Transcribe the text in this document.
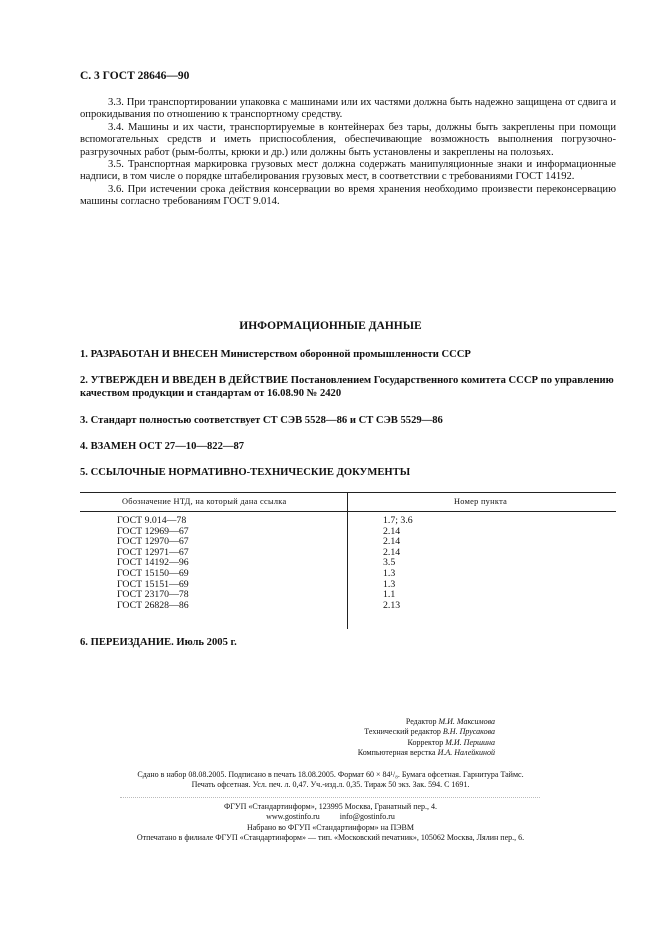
С. 3 ГОСТ 28646—90

3.3. При транспортировании упаковка с машинами или их частями должна быть надежно защищена от сдвига и опрокидывания по отношению к транспортному средству.

3.4. Машины и их части, транспортируемые в контейнерах без тары, должны быть закреплены при помощи вспомогательных средств и иметь приспособления, обеспечивающие возможность выполнения погрузочно-разгрузочных работ (рым-болты, крюки и др.) или должны быть установлены и закреплены на полозьях.

3.5. Транспортная маркировка грузовых мест должна содержать манипуляционные знаки и информационные надписи, в том числе о порядке штабелирования грузовых мест, в соответствии с требованиями ГОСТ 14192.

3.6. При истечении срока действия консервации во время хранения необходимо произвести переконсервацию машины согласно требованиям ГОСТ 9.014.

ИНФОРМАЦИОННЫЕ ДАННЫЕ
1. РАЗРАБОТАН И ВНЕСЕН Министерством оборонной промышленности СССР
2. УТВЕРЖДЕН И ВВЕДЕН В ДЕЙСТВИЕ Постановлением Государственного комитета СССР по управлению качеством продукции и стандартам от 16.08.90 № 2420
3. Стандарт полностью соответствует СТ СЭВ 5528—86 и СТ СЭВ 5529—86
4. ВЗАМЕН ОСТ 27—10—822—87
5. ССЫЛОЧНЫЕ НОРМАТИВНО-ТЕХНИЧЕСКИЕ ДОКУМЕНТЫ
Обозначение НТД, на который дана ссылка	Номер пункта
ГОСТ 9.014—78	1.7; 3.6
ГОСТ 12969—67	2.14
ГОСТ 12970—67	2.14
ГОСТ 12971—67	2.14
ГОСТ 14192—96	3.5
ГОСТ 15150—69	1.3
ГОСТ 15151—69	1.3
ГОСТ 23170—78	1.1
ГОСТ 26828—86	2.13
6. ПЕРЕИЗДАНИЕ. Июль 2005 г.
Редактор М.И. Максимова
Технический редактор В.Н. Прусакова
Корректор М.И. Першина
Компьютерная верстка И.А. Налейкиной
Сдано в набор 08.08.2005. Подписано в печать 18.08.2005. Формат 60 × 84¹/₈. Бумага офсетная. Гарнитура Таймс.
Печать офсетная. Усл. печ. л. 0,47. Уч.-изд.л. 0,35. Тираж 50 экз. Зак. 594. С 1691.
ФГУП «Стандартинформ», 123995 Москва, Гранатный пер., 4.
www.gostinfo.ru          info@gostinfo.ru
Набрано во ФГУП «Стандартинформ» на ПЭВМ
Отпечатано в филиале ФГУП «Стандартинформ» — тип. «Московский печатник», 105062 Москва, Лялин пер., 6.
